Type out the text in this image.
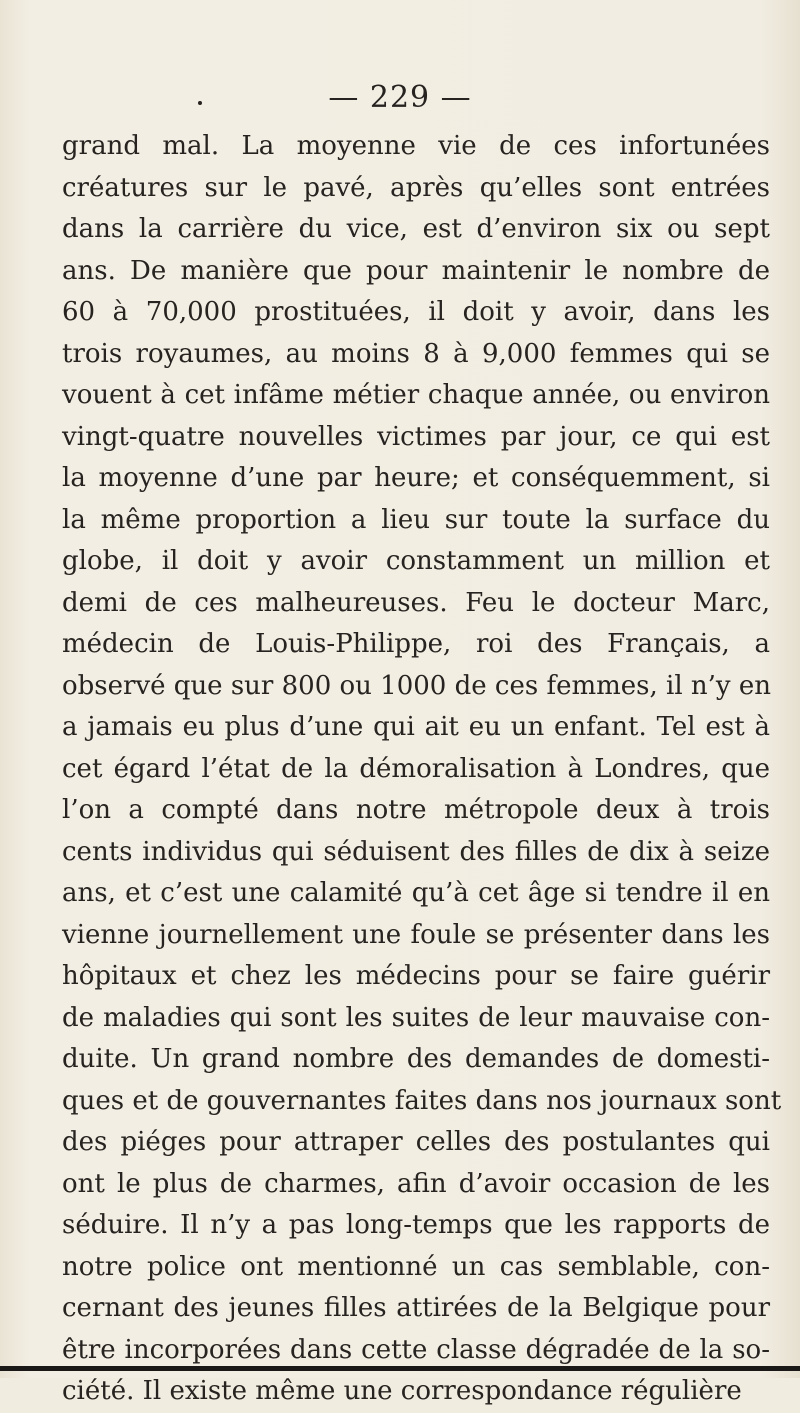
— 229 —
grand mal. La moyenne vie de ces infortunées
créatures sur le pavé, après qu’elles sont entrées
dans la carrière du vice, est d’environ six ou sept
ans. De manière que pour maintenir le nombre de
60 à 70,000 prostituées, il doit y avoir, dans les
trois royaumes, au moins 8 à 9,000 femmes qui se
vouent à cet infâme métier chaque année, ou environ
vingt-quatre nouvelles victimes par jour, ce qui est
la moyenne d’une par heure; et conséquemment, si
la même proportion a lieu sur toute la surface du
globe, il doit y avoir constamment un million et
demi de ces malheureuses. Feu le docteur Marc,
médecin de Louis-Philippe, roi des Français, a
observé que sur 800 ou 1000 de ces femmes, il n’y en
a jamais eu plus d’une qui ait eu un enfant. Tel est à
cet égard l’état de la démoralisation à Londres, que
l’on a compté dans notre métropole deux à trois
cents individus qui séduisent des filles de dix à seize
ans, et c’est une calamité qu’à cet âge si tendre il en
vienne journellement une foule se présenter dans les
hôpitaux et chez les médecins pour se faire guérir
de maladies qui sont les suites de leur mauvaise con-
duite. Un grand nombre des demandes de domesti-
ques et de gouvernantes faites dans nos journaux sont
des piéges pour attraper celles des postulantes qui
ont le plus de charmes, afin d’avoir occasion de les
séduire. Il n’y a pas long-temps que les rapports de
notre police ont mentionné un cas semblable, con-
cernant des jeunes filles attirées de la Belgique pour
être incorporées dans cette classe dégradée de la so-
ciété. Il existe même une correspondance régulière
